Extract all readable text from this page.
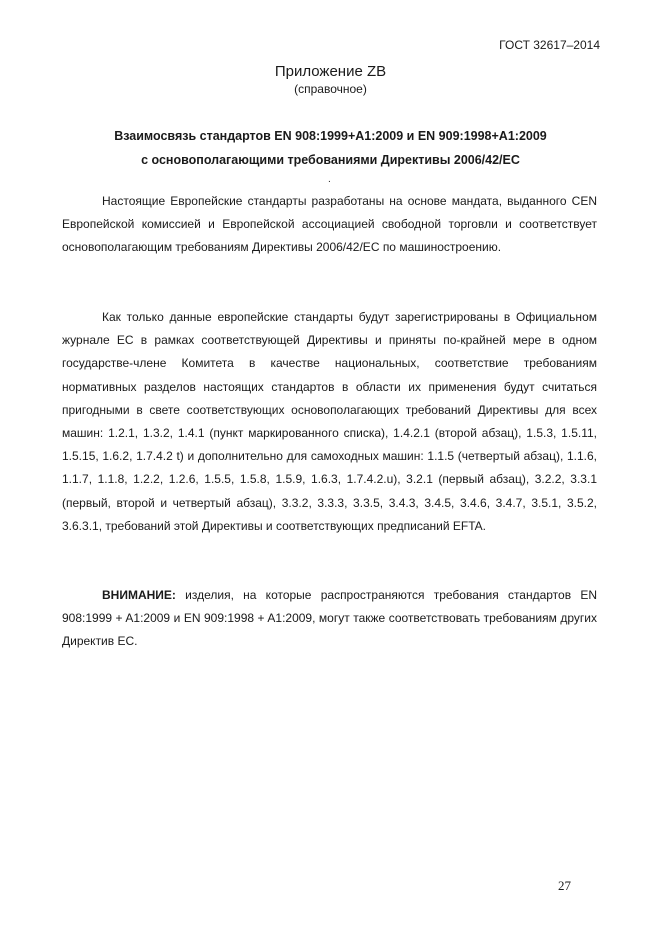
ГОСТ 32617–2014
Приложение ZB
(справочное)
Взаимосвязь стандартов EN 908:1999+A1:2009 и EN 909:1998+A1:2009
с основополагающими требованиями Директивы 2006/42/ЕС
.

Настоящие Европейские стандарты разработаны на основе мандата, выданного CEN Европейской комиссией и Европейской ассоциацией свободной торговли и соответствует основополагающим требованиям Директивы 2006/42/ЕС по машиностроению.

Как только данные европейские стандарты будут зарегистрированы в Официальном журнале ЕС в рамках соответствующей Директивы и приняты по-крайней мере в одном государстве-члене Комитета в качестве национальных, соответствие требованиям нормативных разделов настоящих стандартов в области их применения будут считаться пригодными в свете соответствующих основополагающих требований Директивы для всех машин: 1.2.1, 1.3.2, 1.4.1 (пункт маркированного списка), 1.4.2.1 (второй абзац), 1.5.3, 1.5.11, 1.5.15, 1.6.2, 1.7.4.2 t) и дополнительно для самоходных машин: 1.1.5 (четвертый абзац), 1.1.6, 1.1.7, 1.1.8, 1.2.2, 1.2.6, 1.5.5, 1.5.8, 1.5.9, 1.6.3, 1.7.4.2.u), 3.2.1 (первый абзац), 3.2.2, 3.3.1 (первый, второй и четвертый абзац), 3.3.2, 3.3.3, 3.3.5, 3.4.3, 3.4.5, 3.4.6, 3.4.7, 3.5.1, 3.5.2, 3.6.3.1, требований этой Директивы и соответствующих предписаний EFTA.

ВНИМАНИЕ: изделия, на которые распространяются требования стандартов EN 908:1999 + A1:2009 и EN 909:1998 + A1:2009, могут также соответствовать требованиям других Директив ЕС.

27
